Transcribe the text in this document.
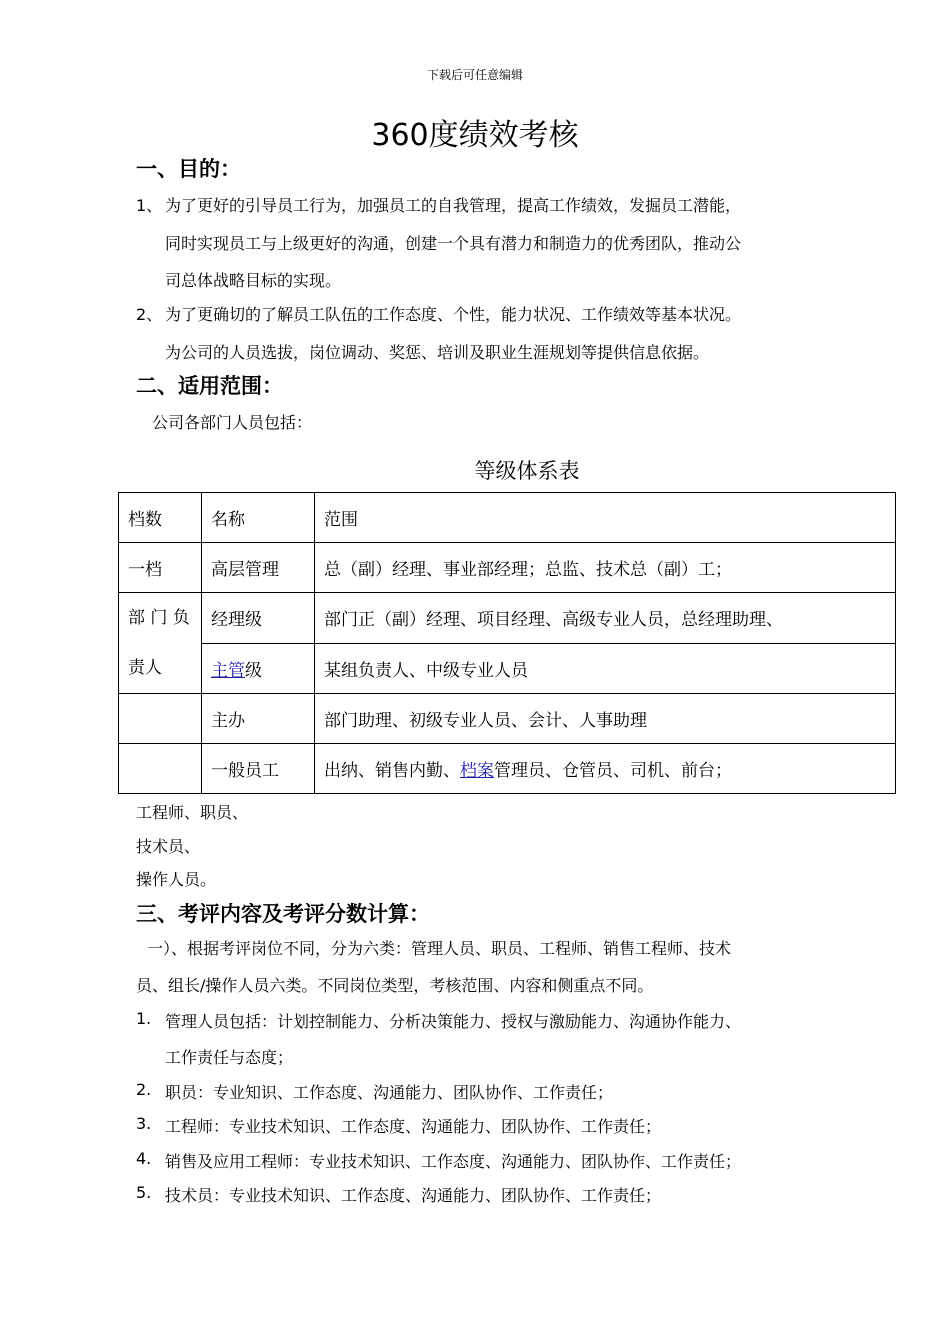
下载后可任意编辑
360度绩效考核
一、目的：
1、 为了更好的引导员工行为，加强员工的自我管理，提高工作绩效，发掘员工潜能，
同时实现员工与上级更好的沟通，创建一个具有潜力和制造力的优秀团队，推动公
司总体战略目标的实现。
2、 为了更确切的了解员工队伍的工作态度、个性，能力状况、工作绩效等基本状况。
为公司的人员选拔，岗位调动、奖惩、培训及职业生涯规划等提供信息依据。
二、适用范围：
公司各部门人员包括：
等级体系表
档数	名称	范围
一档	高层管理	总（副）经理、事业部经理；总监、技术总（副）工；

部 门 负
责人	经理级	部门正（副）经理、项目经理、高级专业人员，总经理助理、
	主管级	某组负责人、中级专业人员
	主办	部门助理、初级专业人员、会计、人事助理
	一般员工	出纳、销售内勤、档案管理员、仓管员、司机、前台；
工程师、职员、
技术员、
操作人员。
三、考评内容及考评分数计算：
一）、根据考评岗位不同，分为六类：管理人员、职员、工程师、销售工程师、技术
员、组长/操作人员六类。不同岗位类型，考核范围、内容和侧重点不同。
1. 管理人员包括：计划控制能力、分析决策能力、授权与激励能力、沟通协作能力、
工作责任与态度；
2. 职员：专业知识、工作态度、沟通能力、团队协作、工作责任；
3. 工程师：专业技术知识、工作态度、沟通能力、团队协作、工作责任；
4. 销售及应用工程师：专业技术知识、工作态度、沟通能力、团队协作、工作责任；
5. 技术员：专业技术知识、工作态度、沟通能力、团队协作、工作责任；
